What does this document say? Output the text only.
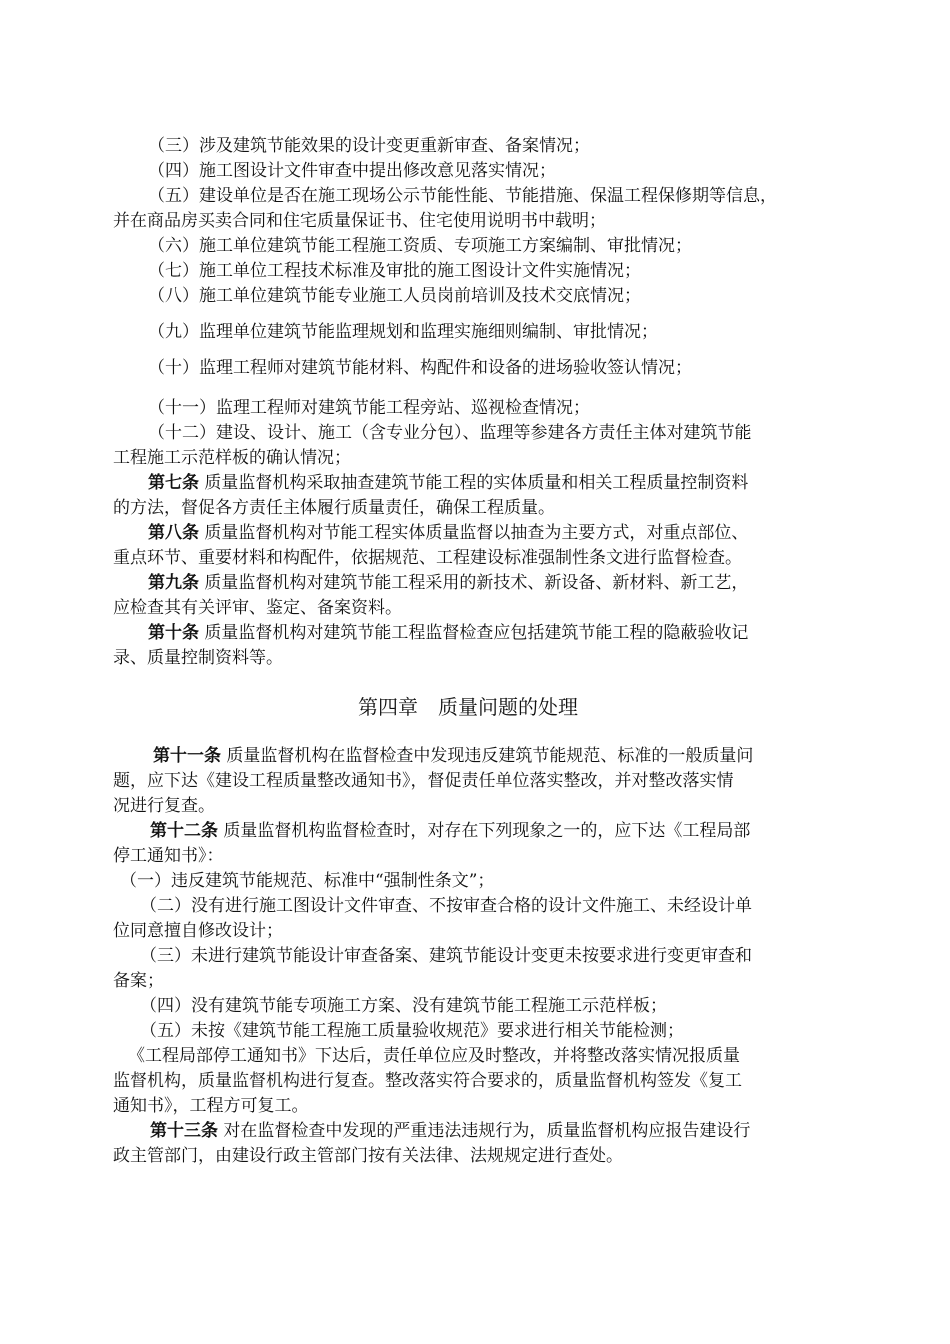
（三）涉及建筑节能效果的设计变更重新审查、备案情况；
（四）施工图设计文件审查中提出修改意见落实情况；
（五）建设单位是否在施工现场公示节能性能、节能措施、保温工程保修期等信息，
并在商品房买卖合同和住宅质量保证书、住宅使用说明书中载明；
（六）施工单位建筑节能工程施工资质、专项施工方案编制、审批情况；
（七）施工单位工程技术标准及审批的施工图设计文件实施情况；
（八）施工单位建筑节能专业施工人员岗前培训及技术交底情况；
（九）监理单位建筑节能监理规划和监理实施细则编制、审批情况；
（十）监理工程师对建筑节能材料、构配件和设备的进场验收签认情况；
（十一）监理工程师对建筑节能工程旁站、巡视检查情况；
（十二）建设、设计、施工（含专业分包）、监理等参建各方责任主体对建筑节能
工程施工示范样板的确认情况；
第七条 质量监督机构采取抽查建筑节能工程的实体质量和相关工程质量控制资料
的方法，督促各方责任主体履行质量责任，确保工程质量。
第八条 质量监督机构对节能工程实体质量监督以抽查为主要方式，对重点部位、
重点环节、重要材料和构配件，依据规范、工程建设标准强制性条文进行监督检查。
第九条 质量监督机构对建筑节能工程采用的新技术、新设备、新材料、新工艺，
应检查其有关评审、鉴定、备案资料。
第十条 质量监督机构对建筑节能工程监督检查应包括建筑节能工程的隐蔽验收记
录、质量控制资料等。
第四章　质量问题的处理
第十一条 质量监督机构在监督检查中发现违反建筑节能规范、标准的一般质量问
题，应下达《建设工程质量整改通知书》，督促责任单位落实整改，并对整改落实情
况进行复查。
第十二条 质量监督机构监督检查时，对存在下列现象之一的，应下达《工程局部
停工通知书》：
（一）违反建筑节能规范、标准中“强制性条文”；
（二）没有进行施工图设计文件审查、不按审查合格的设计文件施工、未经设计单
位同意擅自修改设计；
（三）未进行建筑节能设计审查备案、建筑节能设计变更未按要求进行变更审查和
备案；
（四）没有建筑节能专项施工方案、没有建筑节能工程施工示范样板；
（五）未按《建筑节能工程施工质量验收规范》要求进行相关节能检测；
《工程局部停工通知书》下达后，责任单位应及时整改，并将整改落实情况报质量
监督机构，质量监督机构进行复查。整改落实符合要求的，质量监督机构签发《复工
通知书》，工程方可复工。
第十三条 对在监督检查中发现的严重违法违规行为，质量监督机构应报告建设行
政主管部门，由建设行政主管部门按有关法律、法规规定进行查处。
